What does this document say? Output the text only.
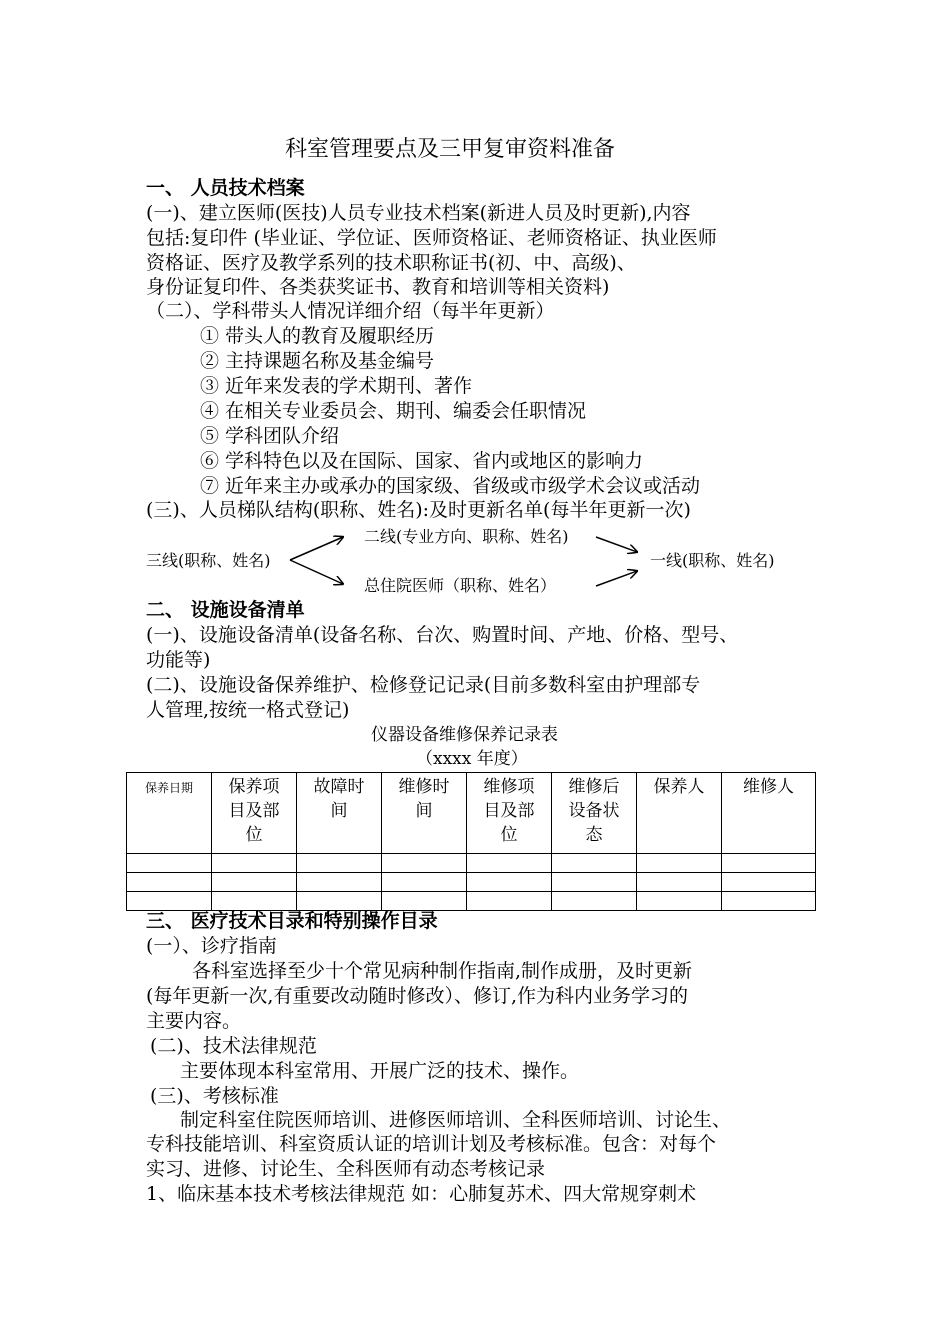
科室管理要点及三甲复审资料准备
一、 人员技术档案
(一)、建立医师(医技)人员专业技术档案(新进人员及时更新),内容
包括:复印件 (毕业证、学位证、医师资格证、老师资格证、执业医师
资格证、医疗及教学系列的技术职称证书(初、中、高级)、
身份证复印件、各类获奖证书、教育和培训等相关资料)
（二）、学科带头人情况详细介绍（每半年更新）
① 带头人的教育及履职经历
② 主持课题名称及基金编号
③ 近年来发表的学术期刊、著作
④ 在相关专业委员会、期刊、编委会任职情况
⑤ 学科团队介绍
⑥ 学科特色以及在国际、国家、省内或地区的影响力
⑦ 近年来主办或承办的国家级、省级或市级学术会议或活动
(三)、人员梯队结构(职称、姓名):及时更新名单(每半年更新一次)
三线(职称、姓名)
二线(专业方向、职称、姓名)
总住院医师（职称、姓名）
一线(职称、姓名)
二、 设施设备清单
(一)、设施设备清单(设备名称、台次、购置时间、产地、价格、型号、
功能等)
(二)、设施设备保养维护、检修登记记录(目前多数科室由护理部专
人管理,按统一格式登记)
仪器设备维修保养记录表
（xxxx 年度）
保养日期	保养项
目及部
位	故障时
间	维修时
间	维修项
目及部
位	维修后
设备状
态	保养人	维修人

三、 医疗技术目录和特别操作目录
(一）、诊疗指南
各科室选择至少十个常见病种制作指南,制作成册，及时更新
(每年更新一次,有重要改动随时修改）、修订,作为科内业务学习的
主要内容。
(二)、技术法律规范
主要体现本科室常用、开展广泛的技术、操作。
(三)、考核标准
制定科室住院医师培训、进修医师培训、全科医师培训、讨论生、
专科技能培训、科室资质认证的培训计划及考核标准。包含：对每个
实习、进修、讨论生、全科医师有动态考核记录
1、临床基本技术考核法律规范 如：心肺复苏术、四大常规穿刺术
